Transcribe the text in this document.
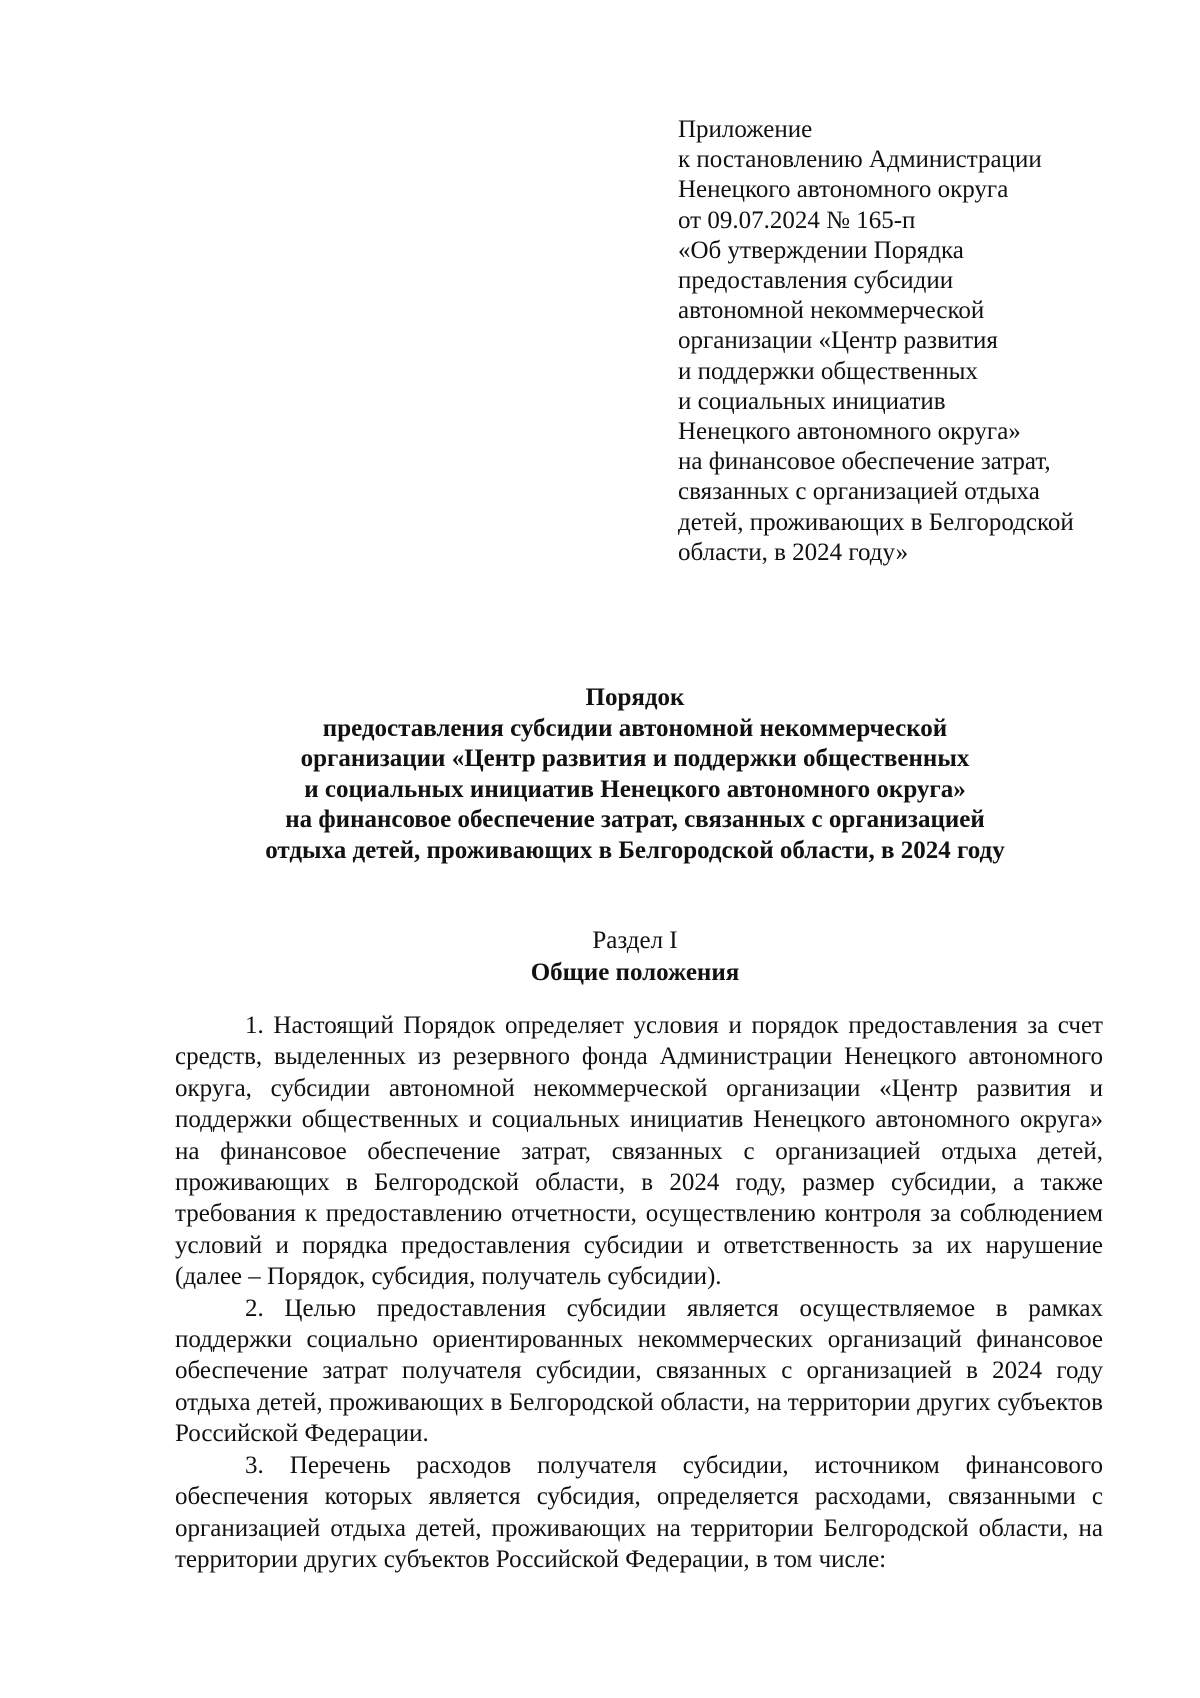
Приложение
к постановлению Администрации
Ненецкого автономного округа
от 09.07.2024 № 165-п
«Об утверждении Порядка
предоставления субсидии
автономной некоммерческой
организации «Центр развития
и поддержки общественных
и социальных инициатив
Ненецкого автономного округа»
на финансовое обеспечение затрат,
связанных с организацией отдыха
детей, проживающих в Белгородской
области, в 2024 году»
Порядок
предоставления субсидии автономной некоммерческой
организации «Центр развития и поддержки общественных
и социальных инициатив Ненецкого автономного округа»
на финансовое обеспечение затрат, связанных с организацией
отдыха детей, проживающих в Белгородской области, в 2024 году
Раздел I
Общие положения

1. Настоящий Порядок определяет условия и порядок предоставления за счет средств, выделенных из резервного фонда Администрации Ненецкого автономного округа, субсидии автономной некоммерческой организации «Центр развития и поддержки общественных и социальных инициатив Ненецкого автономного округа» на финансовое обеспечение затрат, связанных с организацией отдыха детей, проживающих в Белгородской области, в 2024 году, размер субсидии, а также требования к предоставлению отчетности, осуществлению контроля за соблюдением условий и порядка предоставления субсидии и ответственность за их нарушение (далее – Порядок, субсидия, получатель субсидии).

2. Целью предоставления субсидии является осуществляемое в рамках поддержки социально ориентированных некоммерческих организаций финансовое обеспечение затрат получателя субсидии, связанных с организацией в 2024 году отдыха детей, проживающих в Белгородской области, на территории других субъектов Российской Федерации.

3. Перечень расходов получателя субсидии, источником финансового обеспечения которых является субсидия, определяется расходами, связанными с организацией отдыха детей, проживающих на территории Белгородской области, на территории других субъектов Российской Федерации, в том числе:
